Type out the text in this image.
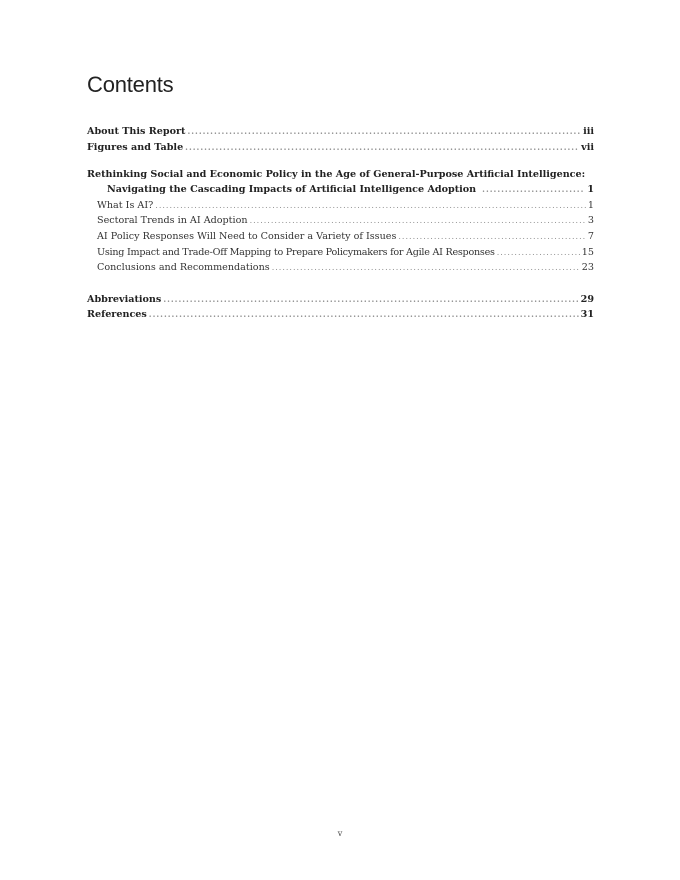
Contents
About This Report .....	iii
Figures and Table .....	vii
Rethinking Social and Economic Policy in the Age of General-Purpose Artificial Intelligence:
Navigating the Cascading Impacts of Artificial Intelligence Adoption .....	1
What Is AI? .....	1
Sectoral Trends in AI Adoption .....	3
AI Policy Responses Will Need to Consider a Variety of Issues .....	7
Using Impact and Trade-Off Mapping to Prepare Policymakers for Agile AI Responses .....	15
Conclusions and Recommendations .....	23
Abbreviations .....	29
References .....	31
v
